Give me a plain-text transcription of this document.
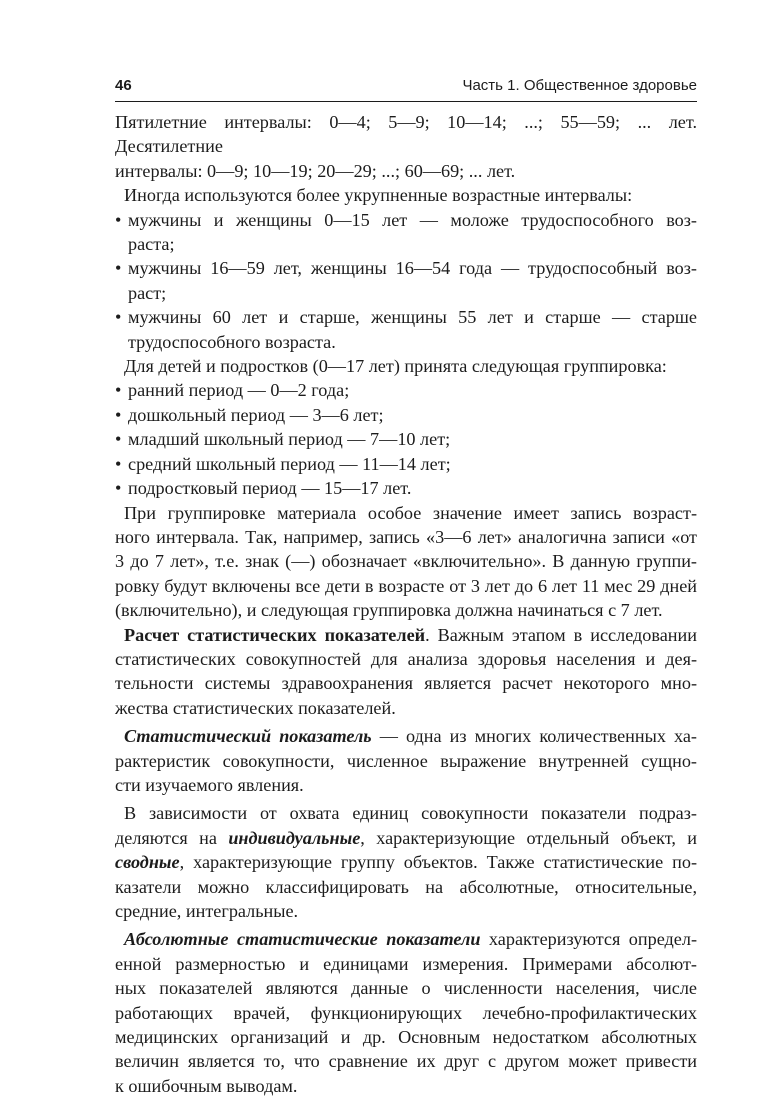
46	Часть 1. Общественное здоровье

Пятилетние интервалы: 0—4; 5—9; 10—14; ...; 55—59; ... лет. Десятилетние

интервалы: 0—9; 10—19; 20—29; ...; 60—69; ... лет.

Иногда используются более укрупненные возрастные интервалы:

• мужчины и женщины 0—15 лет — моложе трудоспособного воз-

раста;

• мужчины 16—59 лет, женщины 16—54 года — трудоспособный воз-

раст;

• мужчины 60 лет и старше, женщины 55 лет и старше — старше

трудоспособного возраста.

Для детей и подростков (0—17 лет) принята следующая группировка:

• ранний период — 0—2 года;

• дошкольный период — 3—6 лет;

• младший школьный период — 7—10 лет;

• средний школьный период — 11—14 лет;

• подростковый период — 15—17 лет.

При группировке материала особое значение имеет запись возраст-

ного интервала. Так, например, запись «3—6 лет» аналогична записи «от

3 до 7 лет», т.е. знак (—) обозначает «включительно». В данную группи-

ровку будут включены все дети в возрасте от 3 лет до 6 лет 11 мес 29 дней

(включительно), и следующая группировка должна начинаться с 7 лет.

Расчет статистических показателей. Важным этапом в исследовании

статистических совокупностей для анализа здоровья населения и дея-

тельности системы здравоохранения является расчет некоторого мно-

жества статистических показателей.

Статистический показатель — одна из многих количественных ха-

рактеристик совокупности, численное выражение внутренней сущно-

сти изучаемого явления.

В зависимости от охвата единиц совокупности показатели подраз-

деляются на индивидуальные, характеризующие отдельный объект, и

сводные, характеризующие группу объектов. Также статистические по-

казатели можно классифицировать на абсолютные, относительные,

средние, интегральные.

Абсолютные статистические показатели характеризуются определ-

енной размерностью и единицами измерения. Примерами абсолют-

ных показателей являются данные о численности населения, числе

работающих врачей, функционирующих лечебно-профилактических

медицинских организаций и др. Основным недостатком абсолютных

величин является то, что сравнение их друг с другом может привести

к ошибочным выводам.
